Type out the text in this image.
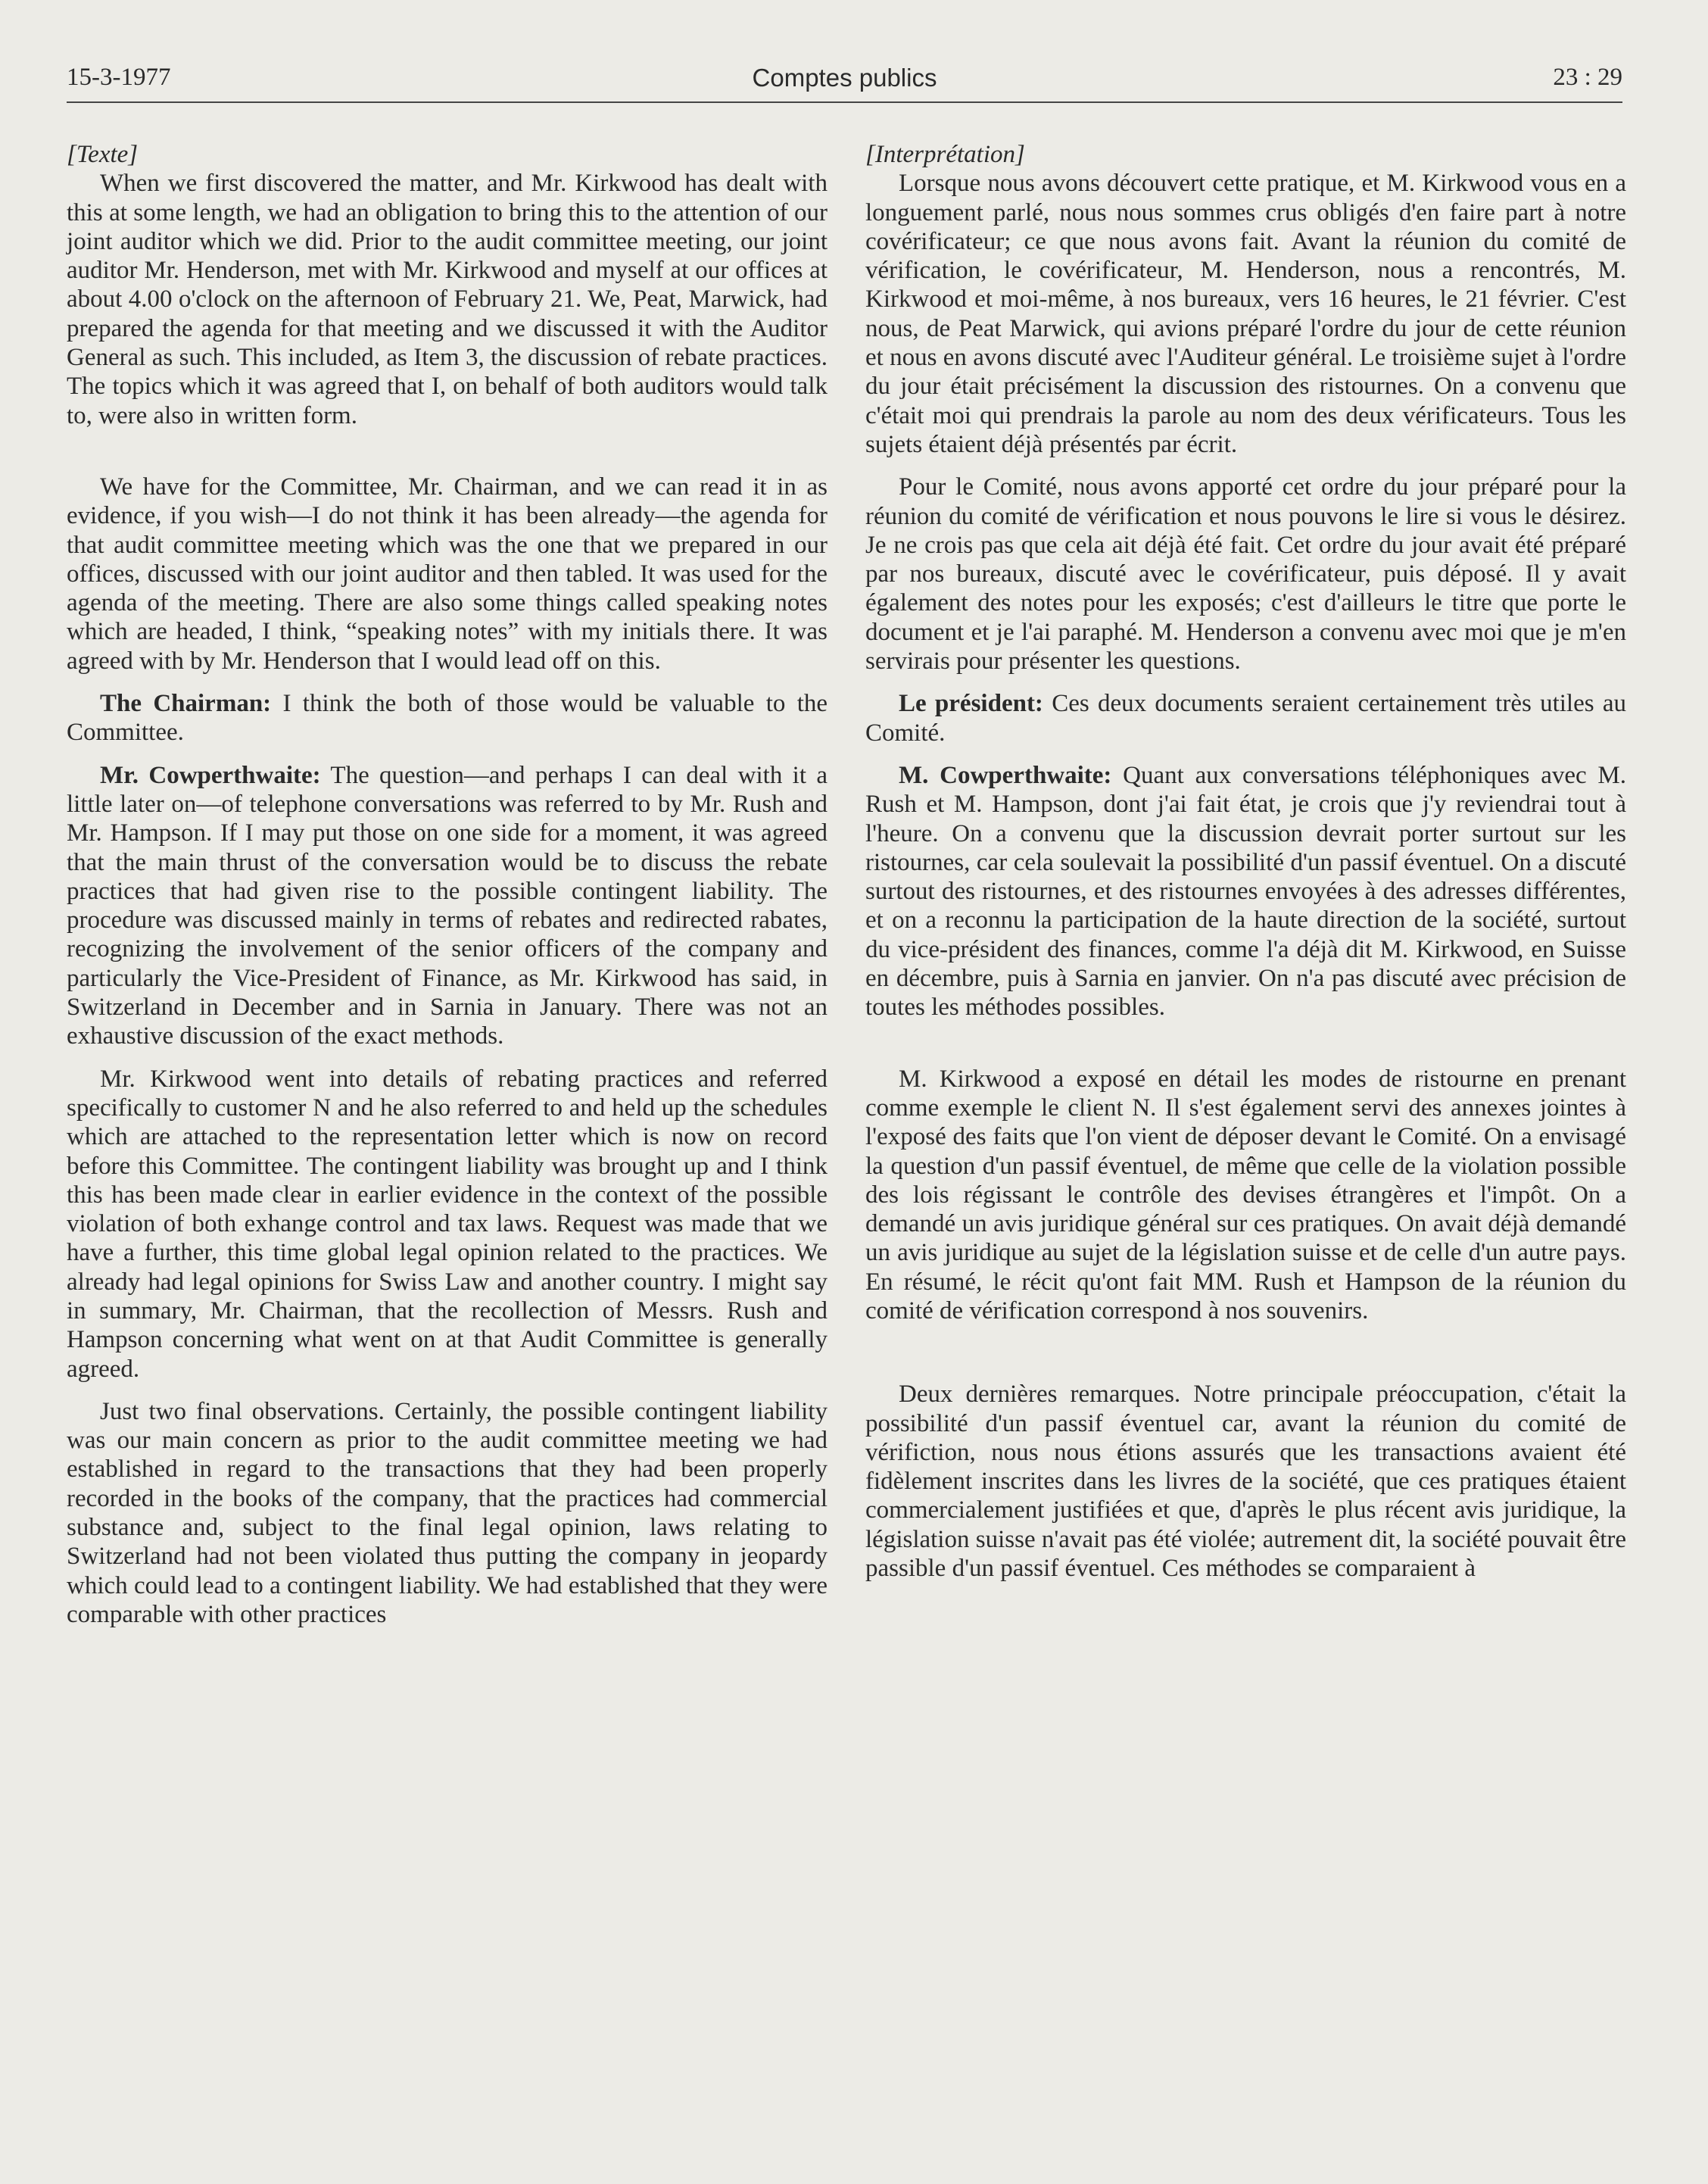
15-3-1977	Comptes publics	23 : 29

[Texte]

When we first discovered the matter, and Mr. Kirkwood has dealt with this at some length, we had an obligation to bring this to the attention of our joint auditor which we did. Prior to the audit committee meeting, our joint auditor Mr. Henderson, met with Mr. Kirkwood and myself at our offices at about 4.00 o'clock on the afternoon of February 21. We, Peat, Marwick, had prepared the agenda for that meeting and we discussed it with the Auditor General as such. This included, as Item 3, the discussion of rebate practices. The topics which it was agreed that I, on behalf of both auditors would talk to, were also in written form.

We have for the Committee, Mr. Chairman, and we can read it in as evidence, if you wish—I do not think it has been already—the agenda for that audit committee meeting which was the one that we prepared in our offices, discussed with our joint auditor and then tabled. It was used for the agenda of the meeting. There are also some things called speaking notes which are headed, I think, “speaking notes” with my initials there. It was agreed with by Mr. Henderson that I would lead off on this.

The Chairman: I think the both of those would be valuable to the Committee.

Mr. Cowperthwaite: The question—and perhaps I can deal with it a little later on—of telephone conversations was referred to by Mr. Rush and Mr. Hampson. If I may put those on one side for a moment, it was agreed that the main thrust of the conversation would be to discuss the rebate practices that had given rise to the possible contingent liability. The procedure was discussed mainly in terms of rebates and redirected rabates, recognizing the involvement of the senior officers of the company and particularly the Vice-President of Finance, as Mr. Kirkwood has said, in Switzerland in December and in Sarnia in January. There was not an exhaustive discussion of the exact methods.

Mr. Kirkwood went into details of rebating practices and referred specifically to customer N and he also referred to and held up the schedules which are attached to the representation letter which is now on record before this Committee. The contingent liability was brought up and I think this has been made clear in earlier evidence in the context of the possible violation of both exhange control and tax laws. Request was made that we have a further, this time global legal opinion related to the practices. We already had legal opinions for Swiss Law and another country. I might say in summary, Mr. Chairman, that the recollection of Messrs. Rush and Hampson concerning what went on at that Audit Committee is generally agreed.

Just two final observations. Certainly, the possible contingent liability was our main concern as prior to the audit committee meeting we had established in regard to the transactions that they had been properly recorded in the books of the company, that the practices had commercial substance and, subject to the final legal opinion, laws relating to Switzerland had not been violated thus putting the company in jeopardy which could lead to a contingent liability. We had established that they were comparable with other practices

[Interprétation]

Lorsque nous avons découvert cette pratique, et M. Kirkwood vous en a longuement parlé, nous nous sommes crus obligés d'en faire part à notre covérificateur; ce que nous avons fait. Avant la réunion du comité de vérification, le covérificateur, M. Henderson, nous a rencontrés, M. Kirkwood et moi-même, à nos bureaux, vers 16 heures, le 21 février. C'est nous, de Peat Marwick, qui avions préparé l'ordre du jour de cette réunion et nous en avons discuté avec l'Auditeur général. Le troisième sujet à l'ordre du jour était précisément la discussion des ristournes. On a convenu que c'était moi qui prendrais la parole au nom des deux vérificateurs. Tous les sujets étaient déjà présentés par écrit.

Pour le Comité, nous avons apporté cet ordre du jour préparé pour la réunion du comité de vérification et nous pouvons le lire si vous le désirez. Je ne crois pas que cela ait déjà été fait. Cet ordre du jour avait été préparé par nos bureaux, discuté avec le covérificateur, puis déposé. Il y avait également des notes pour les exposés; c'est d'ailleurs le titre que porte le document et je l'ai paraphé. M. Henderson a convenu avec moi que je m'en servirais pour présenter les questions.

Le président: Ces deux documents seraient certainement très utiles au Comité.

M. Cowperthwaite: Quant aux conversations téléphoniques avec M. Rush et M. Hampson, dont j'ai fait état, je crois que j'y reviendrai tout à l'heure. On a convenu que la discussion devrait porter surtout sur les ristournes, car cela soulevait la possibilité d'un passif éventuel. On a discuté surtout des ristournes, et des ristournes envoyées à des adresses différentes, et on a reconnu la participation de la haute direction de la société, surtout du vice-président des finances, comme l'a déjà dit M. Kirkwood, en Suisse en décembre, puis à Sarnia en janvier. On n'a pas discuté avec précision de toutes les méthodes possibles.

M. Kirkwood a exposé en détail les modes de ristourne en prenant comme exemple le client N. Il s'est également servi des annexes jointes à l'exposé des faits que l'on vient de déposer devant le Comité. On a envisagé la question d'un passif éventuel, de même que celle de la violation possible des lois régissant le contrôle des devises étrangères et l'impôt. On a demandé un avis juridique général sur ces pratiques. On avait déjà demandé un avis juridique au sujet de la législation suisse et de celle d'un autre pays. En résumé, le récit qu'ont fait MM. Rush et Hampson de la réunion du comité de vérification correspond à nos souvenirs.

Deux dernières remarques. Notre principale préoccupation, c'était la possibilité d'un passif éventuel car, avant la réunion du comité de vérifiction, nous nous étions assurés que les transactions avaient été fidèlement inscrites dans les livres de la société, que ces pratiques étaient commercialement justifiées et que, d'après le plus récent avis juridique, la législation suisse n'avait pas été violée; autrement dit, la société pouvait être passible d'un passif éventuel. Ces méthodes se comparaient à
